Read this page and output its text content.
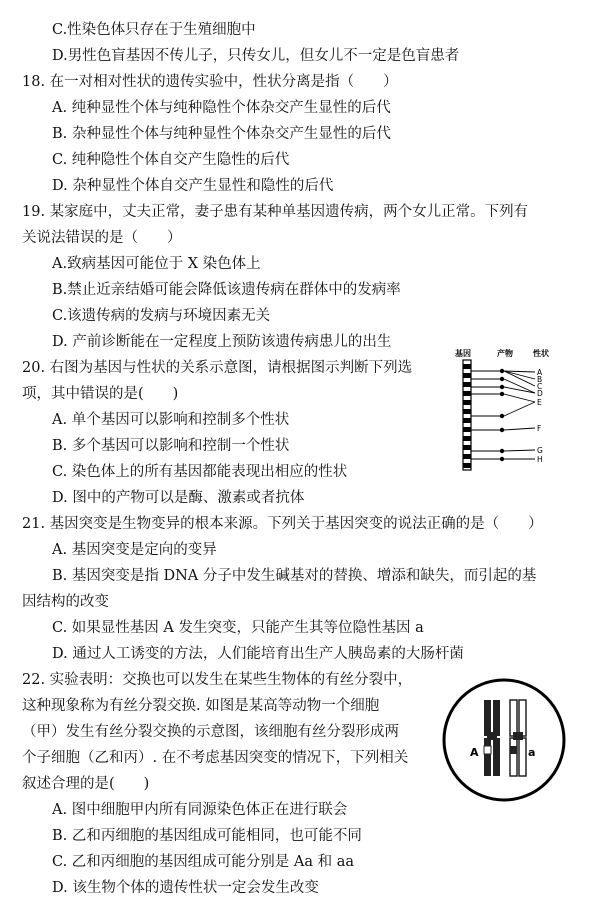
C.性染色体只存在于生殖细胞中
D.男性色盲基因不传儿子，只传女儿，但女儿不一定是色盲患者
18. 在一对相对性状的遗传实验中，性状分离是指（　　）
A. 纯种显性个体与纯种隐性个体杂交产生显性的后代
B. 杂种显性个体与纯种显性个体杂交产生显性的后代
C. 纯种隐性个体自交产生隐性的后代
D. 杂种显性个体自交产生显性和隐性的后代
19. 某家庭中，丈夫正常，妻子患有某种单基因遗传病，两个女儿正常。下列有
关说法错误的是（　　）
A.致病基因可能位于 X 染色体上
B.禁止近亲结婚可能会降低该遗传病在群体中的发病率
C.该遗传病的发病与环境因素无关
D. 产前诊断能在一定程度上预防该遗传病患儿的出生
20. 右图为基因与性状的关系示意图，请根据图示判断下列选
项，其中错误的是(　　)
A. 单个基因可以影响和控制多个性状
B. 多个基因可以影响和控制一个性状
C. 染色体上的所有基因都能表现出相应的性状
D. 图中的产物可以是酶、激素或者抗体
基因	产物	性状
A
B
C
D
E
F
G
H
21. 基因突变是生物变异的根本来源。下列关于基因突变的说法正确的是（　　）
A. 基因突变是定向的变异
B. 基因突变是指 DNA 分子中发生碱基对的替换、增添和缺失，而引起的基
因结构的改变
C. 如果显性基因 A 发生突变，只能产生其等位隐性基因 a
D. 通过人工诱变的方法，人们能培育出生产人胰岛素的大肠杆菌
22. 实验表明：交换也可以发生在某些生物体的有丝分裂中，
这种现象称为有丝分裂交换. 如图是某高等动物一个细胞
（甲）发生有丝分裂交换的示意图，该细胞有丝分裂形成两
个子细胞（乙和丙）. 在不考虑基因突变的情况下，下列相关
叙述合理的是(　　)
A. 图中细胞甲内所有同源染色体正在进行联会
B. 乙和丙细胞的基因组成可能相同，也可能不同
C. 乙和丙细胞的基因组成可能分别是 Aa 和 aa
D. 该生物个体的遗传性状一定会发生改变
A	a
